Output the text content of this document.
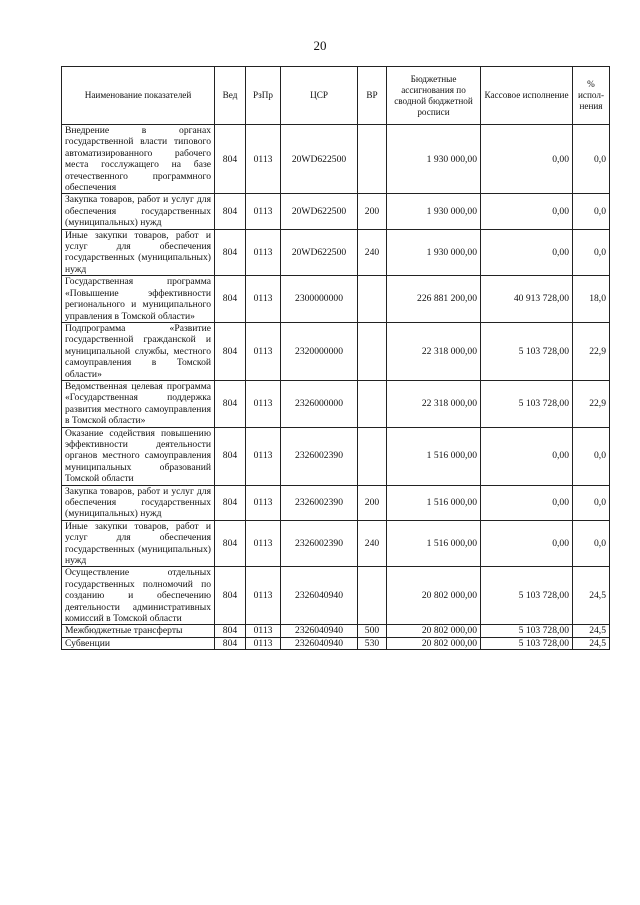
20
Наименование показателей	Вед	РзПр	ЦСР	ВР	Бюджетные ассигнования по сводной бюджетной росписи	Кассовое исполнение	% испол-нения
Внедрение в органах государственной власти типового автоматизированного рабочего места госслужащего на базе отечественного программного обеспечения	804	0113	20WD622500		1 930 000,00	0,00	0,0
Закупка товаров, работ и услуг для обеспечения государственных (муниципальных) нужд	804	0113	20WD622500	200	1 930 000,00	0,00	0,0
Иные закупки товаров, работ и услуг для обеспечения государственных (муниципальных) нужд	804	0113	20WD622500	240	1 930 000,00	0,00	0,0
Государственная программа «Повышение эффективности регионального и муниципального управления в Томской области»	804	0113	2300000000		226 881 200,00	40 913 728,00	18,0
Подпрограмма «Развитие государственной гражданской и муниципальной службы, местного самоуправления в Томской области»	804	0113	2320000000		22 318 000,00	5 103 728,00	22,9
Ведомственная целевая программа «Государственная поддержка развития местного самоуправления в Томской области»	804	0113	2326000000		22 318 000,00	5 103 728,00	22,9
Оказание содействия повышению эффективности деятельности органов местного самоуправления муниципальных образований Томской области	804	0113	2326002390		1 516 000,00	0,00	0,0
Закупка товаров, работ и услуг для обеспечения государственных (муниципальных) нужд	804	0113	2326002390	200	1 516 000,00	0,00	0,0
Иные закупки товаров, работ и услуг для обеспечения государственных (муниципальных) нужд	804	0113	2326002390	240	1 516 000,00	0,00	0,0
Осуществление отдельных государственных полномочий по созданию и обеспечению деятельности административных комиссий в Томской области	804	0113	2326040940		20 802 000,00	5 103 728,00	24,5
Межбюджетные трансферты	804	0113	2326040940	500	20 802 000,00	5 103 728,00	24,5
Субвенции	804	0113	2326040940	530	20 802 000,00	5 103 728,00	24,5
